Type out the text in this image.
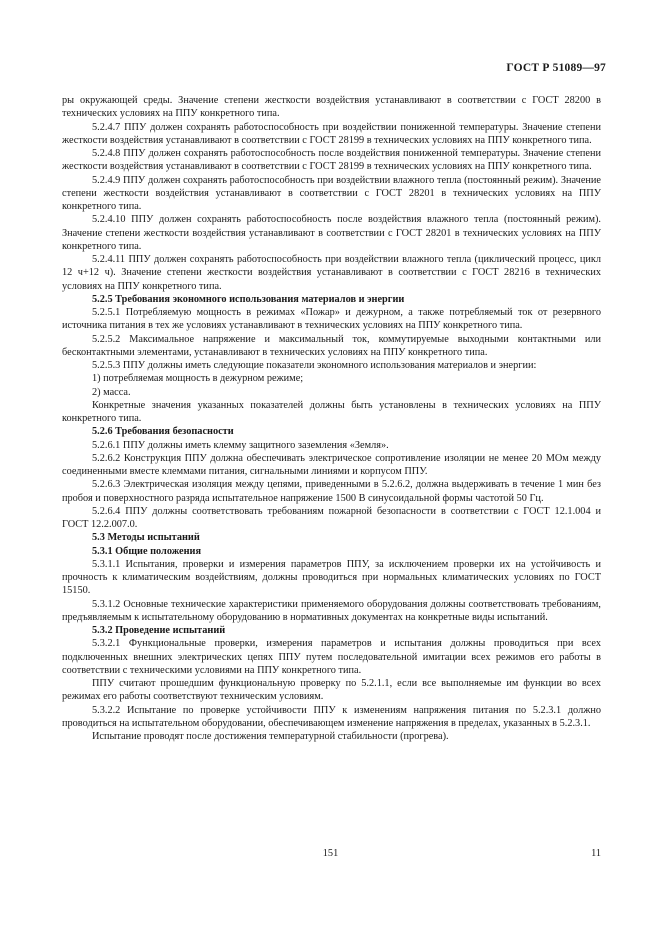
ГОСТ Р 51089—97

ры окружающей среды. Значение степени жесткости воздействия устанавливают в соответствии с ГОСТ 28200 в технических условиях на ППУ конкретного типа.

5.2.4.7 ППУ должен сохранять работоспособность при воздействии пониженной температуры. Значение степени жесткости воздействия устанавливают в соответствии с ГОСТ 28199 в технических условиях на ППУ конкретного типа.

5.2.4.8 ППУ должен сохранять работоспособность после воздействия пониженной температуры. Значение степени жесткости воздействия устанавливают в соответствии с ГОСТ 28199 в технических условиях на ППУ конкретного типа.

5.2.4.9 ППУ должен сохранять работоспособность при воздействии влажного тепла (постоянный режим). Значение степени жесткости воздействия устанавливают в соответствии с ГОСТ 28201 в технических условиях на ППУ конкретного типа.

5.2.4.10 ППУ должен сохранять работоспособность после воздействия влажного тепла (постоянный режим). Значение степени жесткости воздействия устанавливают в соответствии с ГОСТ 28201 в технических условиях на ППУ конкретного типа.

5.2.4.11 ППУ должен сохранять работоспособность при воздействии влажного тепла (циклический процесс, цикл 12 ч+12 ч). Значение степени жесткости воздействия устанавливают в соответствии с ГОСТ 28216 в технических условиях на ППУ конкретного типа.

5.2.5 Требования экономного использования материалов и энергии

5.2.5.1 Потребляемую мощность в режимах «Пожар» и дежурном, а также потребляемый ток от резервного источника питания в тех же условиях устанавливают в технических условиях на ППУ конкретного типа.

5.2.5.2 Максимальное напряжение и максимальный ток, коммутируемые выходными контактными или бесконтактными элементами, устанавливают в технических условиях на ППУ конкретного типа.

5.2.5.3 ППУ должны иметь следующие показатели экономного использования материалов и энергии:

1) потребляемая мощность в дежурном режиме;

2) масса.

Конкретные значения указанных показателей должны быть установлены в технических условиях на ППУ конкретного типа.

5.2.6 Требования безопасности

5.2.6.1 ППУ должны иметь клемму защитного заземления «Земля».

5.2.6.2 Конструкция ППУ должна обеспечивать электрическое сопротивление изоляции не менее 20 МОм между соединенными вместе клеммами питания, сигнальными линиями и корпусом ППУ.

5.2.6.3 Электрическая изоляция между цепями, приведенными в 5.2.6.2, должна выдерживать в течение 1 мин без пробоя и поверхностного разряда испытательное напряжение 1500 В синусоидальной формы частотой 50 Гц.

5.2.6.4 ППУ должны соответствовать требованиям пожарной безопасности в соответствии с ГОСТ 12.1.004 и ГОСТ 12.2.007.0.

5.3 Методы испытаний
5.3.1 Общие положения

5.3.1.1 Испытания, проверки и измерения параметров ППУ, за исключением проверки их на устойчивость и прочность к климатическим воздействиям, должны проводиться при нормальных климатических условиях по ГОСТ 15150.

5.3.1.2 Основные технические характеристики применяемого оборудования должны соответствовать требованиям, предъявляемым к испытательному оборудованию в нормативных документах на конкретные виды испытаний.

5.3.2 Проведение испытаний

5.3.2.1 Функциональные проверки, измерения параметров и испытания должны проводиться при всех подключенных внешних электрических цепях ППУ путем последовательной имитации всех режимов его работы в соответствии с техническими условиями на ППУ конкретного типа.

ППУ считают прошедшим функциональную проверку по 5.2.1.1, если все выполняемые им функции во всех режимах его работы соответствуют техническим условиям.

5.3.2.2 Испытание по проверке устойчивости ППУ к изменениям напряжения питания по 5.2.3.1 должно проводиться на испытательном оборудовании, обеспечивающем изменение напряжения в пределах, указанных в 5.2.3.1.

Испытание проводят после достижения температурной стабильности (прогрева).

151	11
